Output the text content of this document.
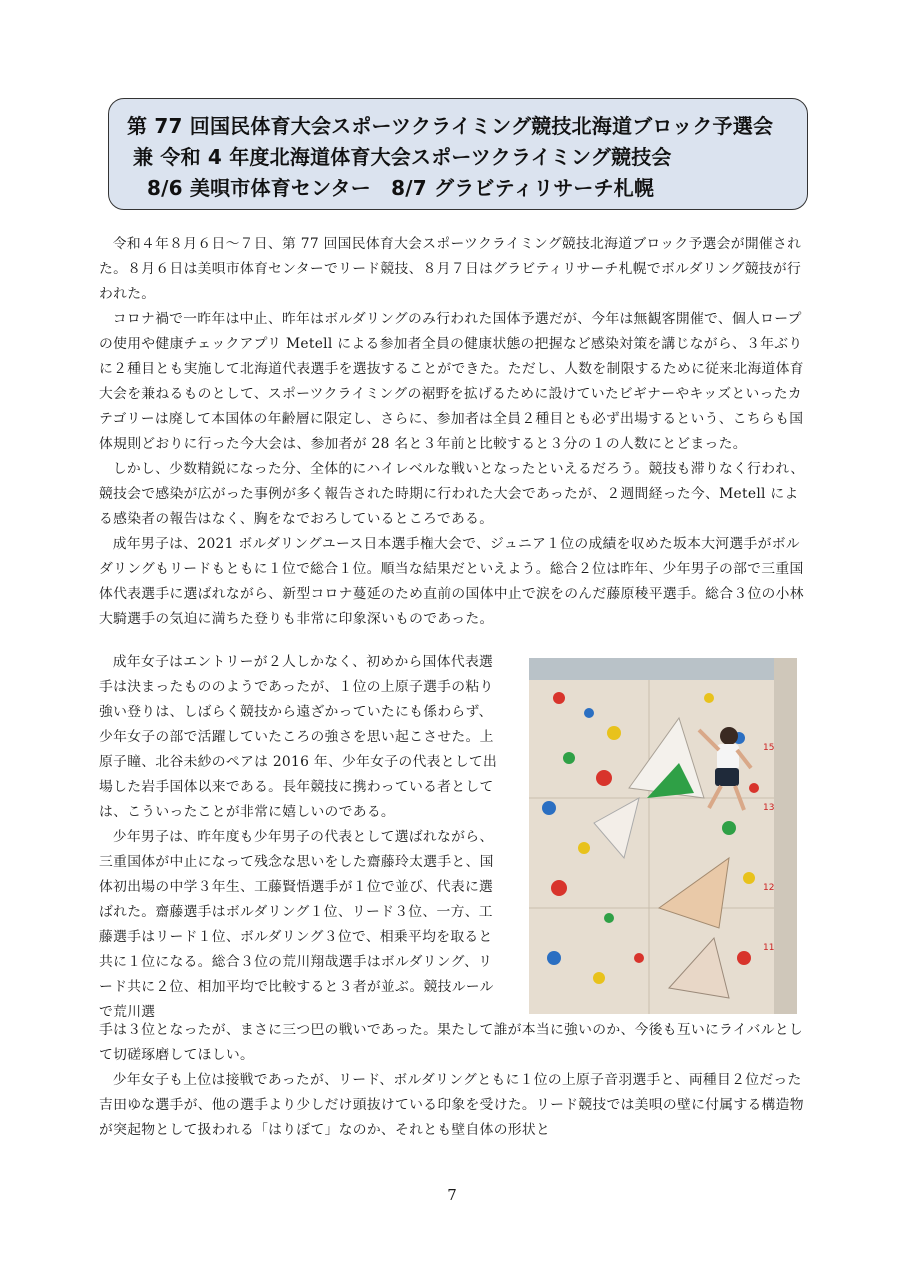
第 77 回国民体育大会スポーツクライミング競技北海道ブロック予選会
兼 令和 4 年度北海道体育大会スポーツクライミング競技会
8/6 美唄市体育センター　8/7 グラビティリサーチ札幌

令和４年８月６日～７日、第 77 回国民体育大会スポーツクライミング競技北海道ブロック予選会が開催された。８月６日は美唄市体育センターでリード競技、８月７日はグラビティリサーチ札幌でボルダリング競技が行われた。

コロナ禍で一昨年は中止、昨年はボルダリングのみ行われた国体予選だが、今年は無観客開催で、個人ロープの使用や健康チェックアプリ Metell による参加者全員の健康状態の把握など感染対策を講じながら、３年ぶりに２種目とも実施して北海道代表選手を選抜することができた。ただし、人数を制限するために従来北海道体育大会を兼ねるものとして、スポーツクライミングの裾野を拡げるために設けていたビギナーやキッズといったカテゴリーは廃して本国体の年齢層に限定し、さらに、参加者は全員２種目とも必ず出場するという、こちらも国体規則どおりに行った今大会は、参加者が 28 名と３年前と比較すると３分の１の人数にとどまった。

しかし、少数精鋭になった分、全体的にハイレベルな戦いとなったといえるだろう。競技も滞りなく行われ、競技会で感染が広がった事例が多く報告された時期に行われた大会であったが、２週間経った今、Metell による感染者の報告はなく、胸をなでおろしているところである。

成年男子は、2021 ボルダリングユース日本選手権大会で、ジュニア１位の成績を収めた坂本大河選手がボルダリングもリードもともに１位で総合１位。順当な結果だといえよう。総合２位は昨年、少年男子の部で三重国体代表選手に選ばれながら、新型コロナ蔓延のため直前の国体中止で涙をのんだ藤原稜平選手。総合３位の小林大騎選手の気迫に満ちた登りも非常に印象深いものであった。

成年女子はエントリーが２人しかなく、初めから国体代表選手は決まったもののようであったが、１位の上原子選手の粘り強い登りは、しばらく競技から遠ざかっていたにも係わらず、少年女子の部で活躍していたころの強さを思い起こさせた。上原子瞳、北谷未紗のペアは 2016 年、少年女子の代表として出場した岩手国体以来である。長年競技に携わっている者としては、こういったことが非常に嬉しいのである。

少年男子は、昨年度も少年男子の代表として選ばれながら、三重国体が中止になって残念な思いをした齋藤玲太選手と、国体初出場の中学３年生、工藤賢悟選手が１位で並び、代表に選ばれた。齋藤選手はボルダリング１位、リード３位、一方、工藤選手はリード１位、ボルダリング３位で、相乗平均を取ると共に１位になる。総合３位の荒川翔哉選手はボルダリング、リード共に２位、相加平均で比較すると３者が並ぶ。競技ルールで荒川選

15
13
12
11

手は３位となったが、まさに三つ巴の戦いであった。果たして誰が本当に強いのか、今後も互いにライバルとして切磋琢磨してほしい。

少年女子も上位は接戦であったが、リード、ボルダリングともに１位の上原子音羽選手と、両種目２位だった吉田ゆな選手が、他の選手より少しだけ頭抜けている印象を受けた。リード競技では美唄の壁に付属する構造物が突起物として扱われる「はりぼて」なのか、それとも壁自体の形状と

7
